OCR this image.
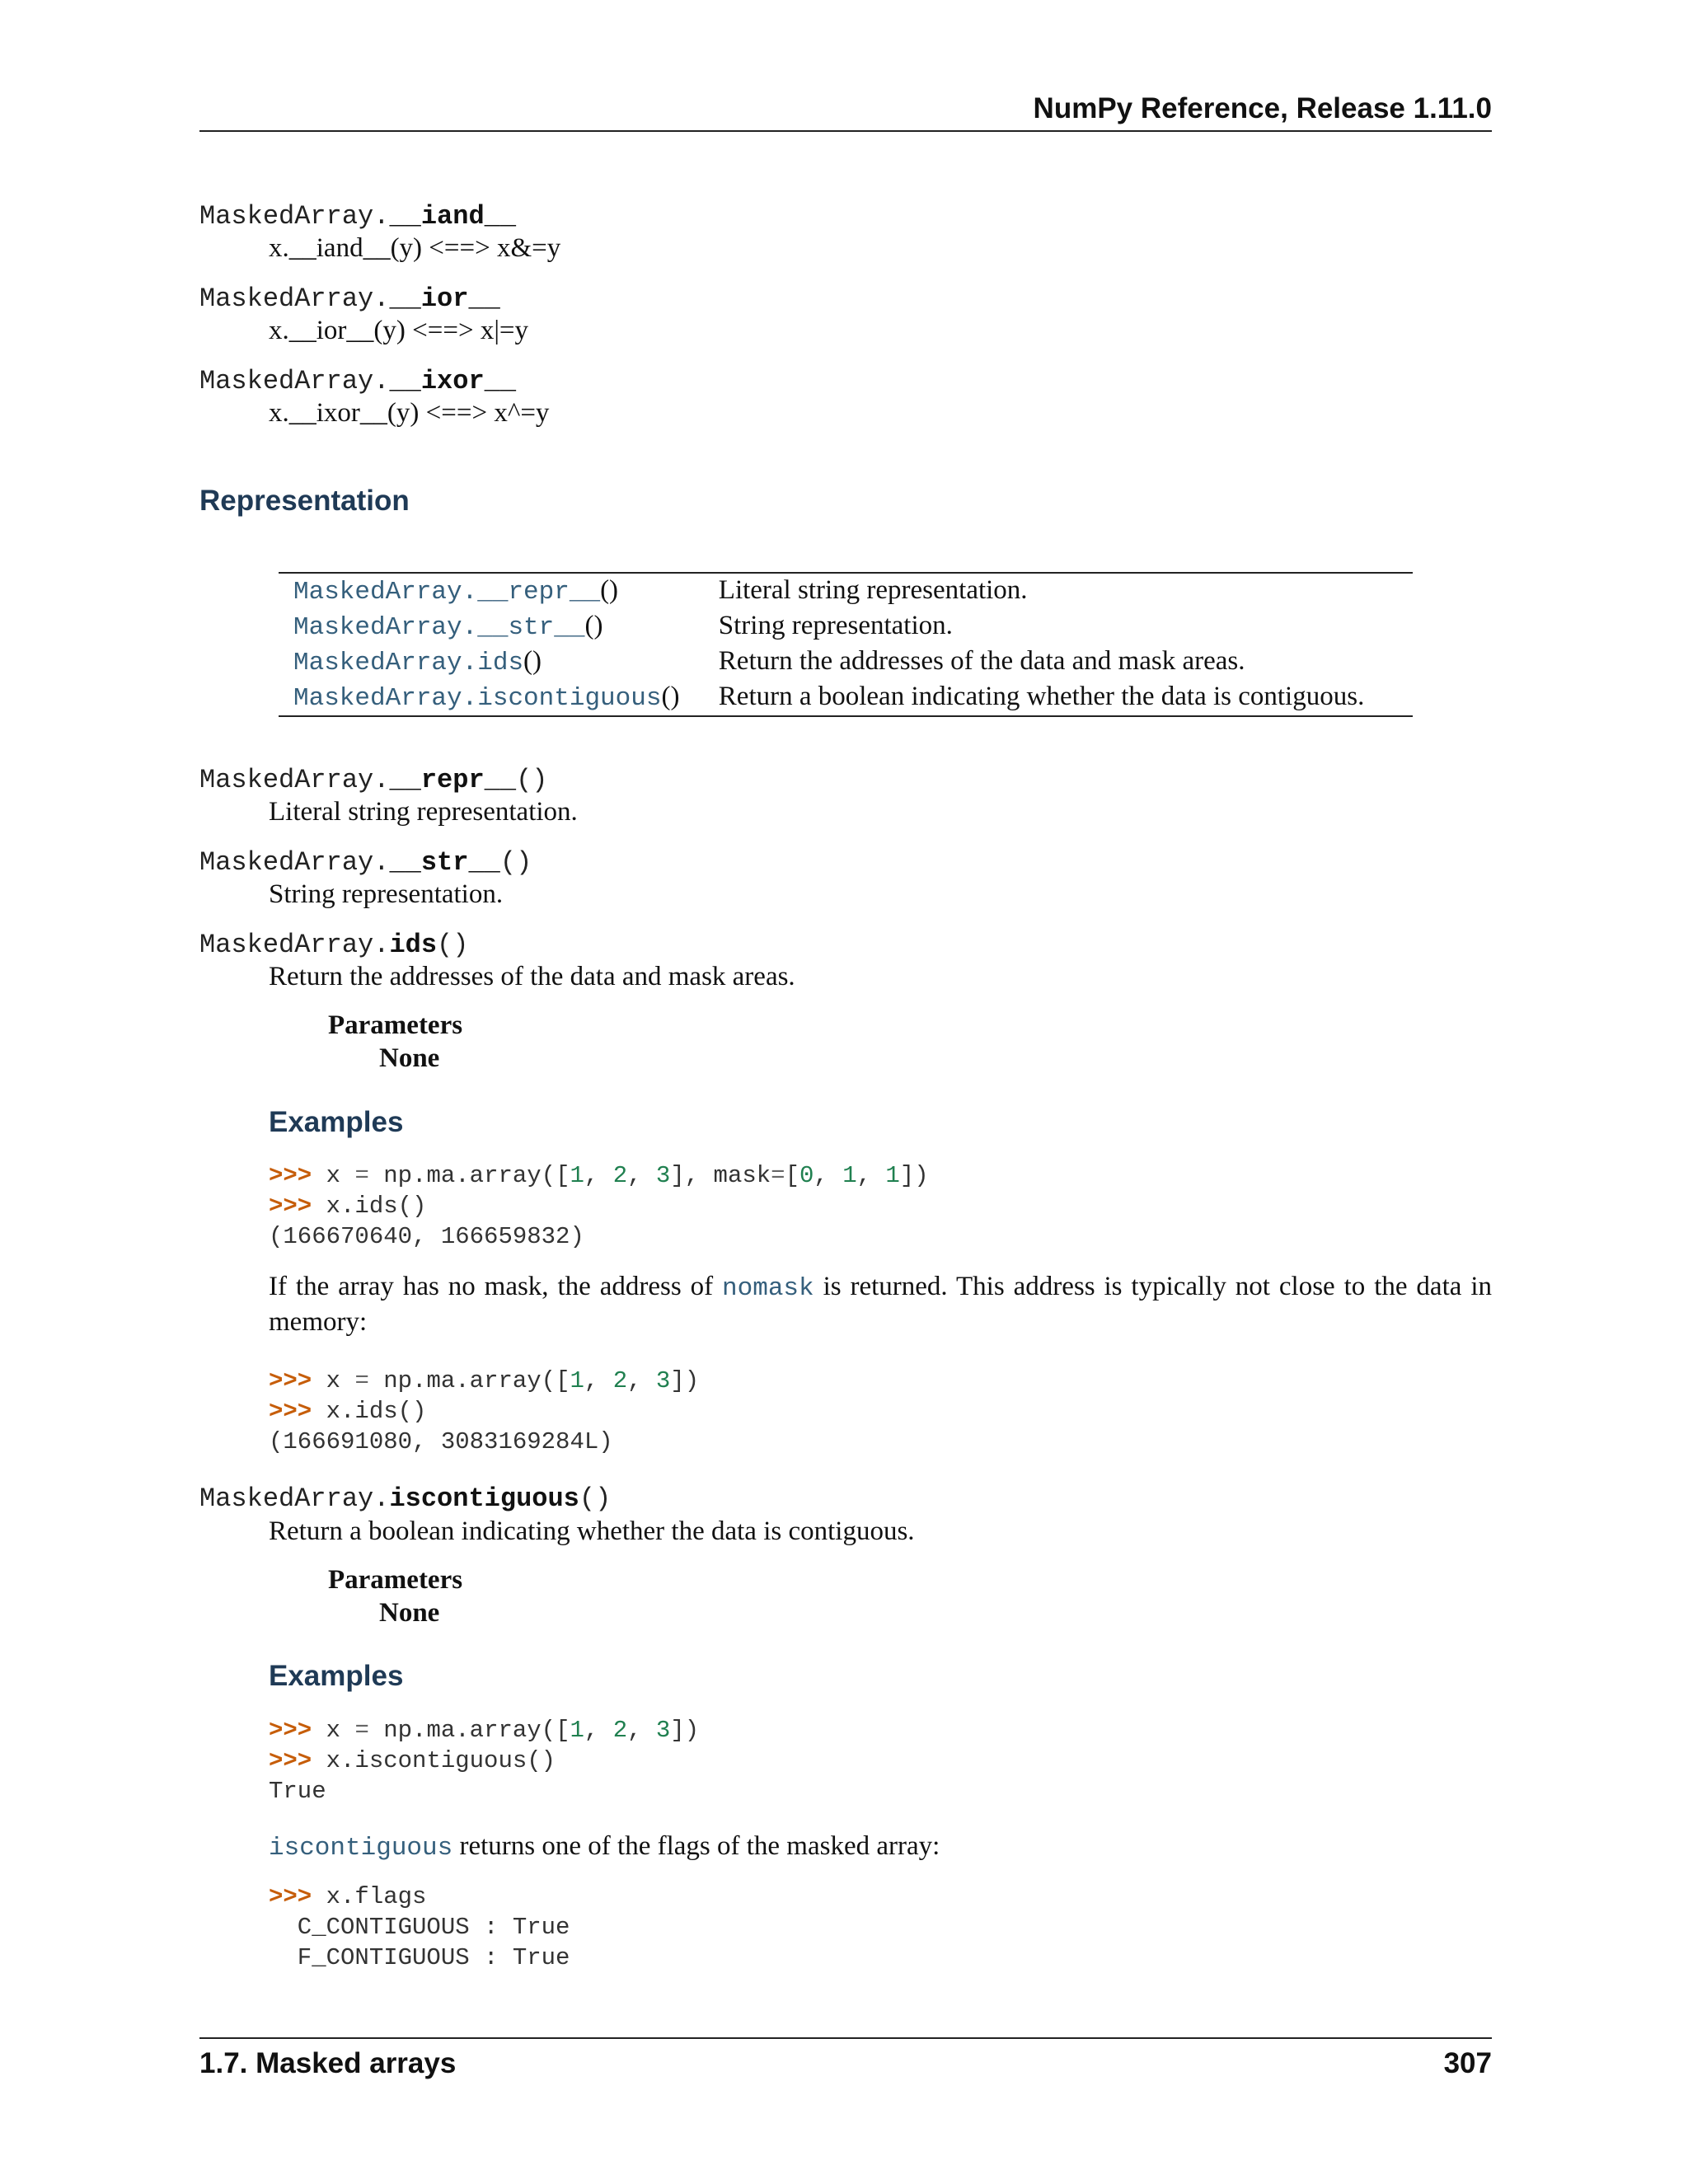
NumPy Reference, Release 1.11.0
MaskedArray.__iand__
x.__iand__(y) <==> x&=y
MaskedArray.__ior__
x.__ior__(y) <==> x|=y
MaskedArray.__ixor__
x.__ixor__(y) <==> x^=y
Representation
MaskedArray.__repr__()	Literal string representation.
MaskedArray.__str__()	String representation.
MaskedArray.ids()	Return the addresses of the data and mask areas.
MaskedArray.iscontiguous()	Return a boolean indicating whether the data is contiguous.
MaskedArray.__repr__()
Literal string representation.
MaskedArray.__str__()
String representation.
MaskedArray.ids()
Return the addresses of the data and mask areas.
Parameters
None
Examples
>>> x = np.ma.array([1, 2, 3], mask=[0, 1, 1])
>>> x.ids()
(166670640, 166659832)
If the array has no mask, the address of nomask is returned. This address is typically not close to the data in memory:
>>> x = np.ma.array([1, 2, 3])
>>> x.ids()
(166691080, 3083169284L)
MaskedArray.iscontiguous()
Return a boolean indicating whether the data is contiguous.
Parameters
None
Examples
>>> x = np.ma.array([1, 2, 3])
>>> x.iscontiguous()
True
iscontiguous returns one of the flags of the masked array:
>>> x.flags
C_CONTIGUOUS : True
F_CONTIGUOUS : True
1.7. Masked arrays	307
